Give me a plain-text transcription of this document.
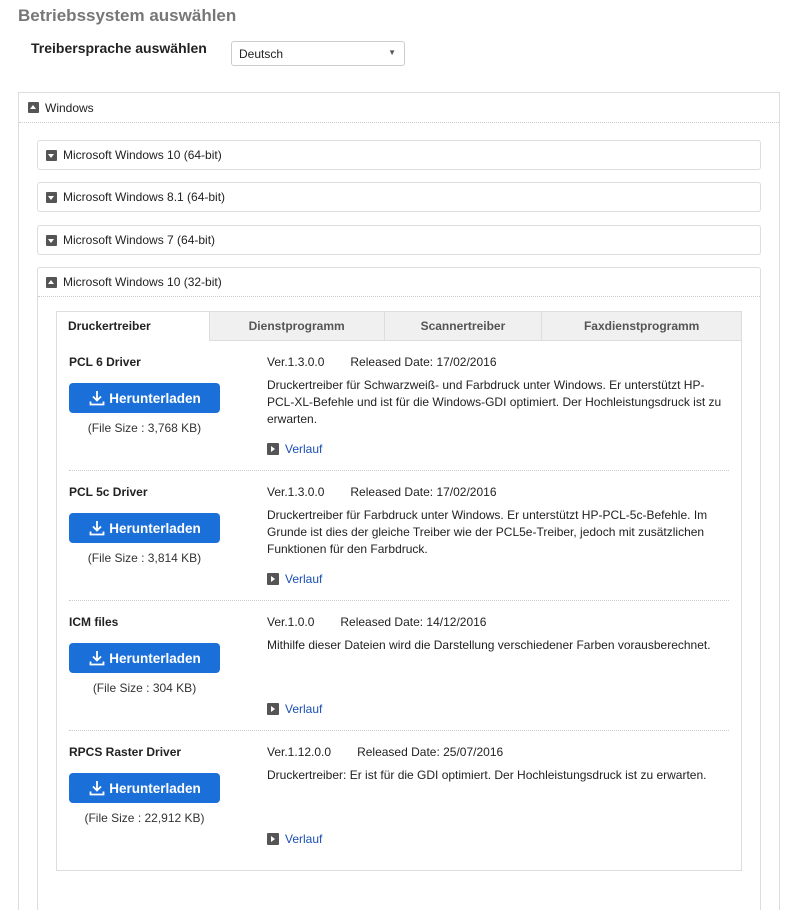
Betriebssystem auswählen
Treibersprache auswählen	Deutsch	▼
Windows
Microsoft Windows 10 (64-bit)
Microsoft Windows 8.1 (64-bit)
Microsoft Windows 7 (64-bit)
Microsoft Windows 10 (32-bit)
Druckertreiber	Dienstprogramm	Scannertreiber	Faxdienstprogramm
PCL 6 Driver
Herunterladen
(File Size : 3,768 KB)
Ver.1.3.0.0 Released Date: 17/02/2016
Druckertreiber für Schwarzweiß- und Farbdruck unter Windows. Er unterstützt HP-PCL-XL-Befehle und ist für die Windows-GDI optimiert. Der Hochleistungsdruck ist zu erwarten.
Verlauf
PCL 5c Driver
Herunterladen
(File Size : 3,814 KB)
Ver.1.3.0.0 Released Date: 17/02/2016
Druckertreiber für Farbdruck unter Windows. Er unterstützt HP-PCL-5c-Befehle. Im Grunde ist dies der gleiche Treiber wie der PCL5e-Treiber, jedoch mit zusätzlichen Funktionen für den Farbdruck.
Verlauf
ICM files
Herunterladen
(File Size : 304 KB)
Ver.1.0.0 Released Date: 14/12/2016
Mithilfe dieser Dateien wird die Darstellung verschiedener Farben vorausberechnet.
Verlauf
RPCS Raster Driver
Herunterladen
(File Size : 22,912 KB)
Ver.1.12.0.0 Released Date: 25/07/2016
Druckertreiber: Er ist für die GDI optimiert. Der Hochleistungsdruck ist zu erwarten.
Verlauf
